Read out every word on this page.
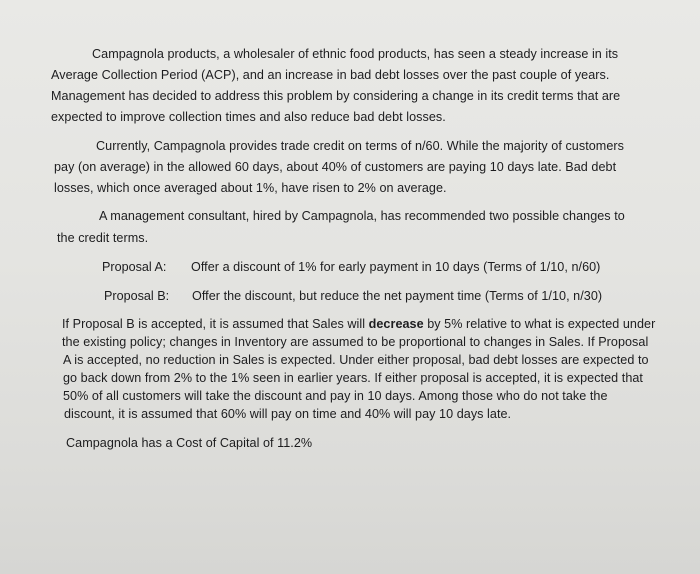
Campagnola products, a wholesaler of ethnic food products, has seen a steady increase in its
Average Collection Period (ACP), and an increase in bad debt losses over the past couple of years.
Management has decided to address this problem by considering a change in its credit terms that are
expected to improve collection times and also reduce bad debt losses.
Currently, Campagnola provides trade credit on terms of n/60. While the majority of customers
pay (on average) in the allowed 60 days, about 40% of customers are paying 10 days late. Bad debt
losses, which once averaged about 1%, have risen to 2% on average.
A management consultant, hired by Campagnola, has recommended two possible changes to
the credit terms.
Proposal A: Offer a discount of 1% for early payment in 10 days (Terms of 1/10, n/60)
Proposal B: Offer the discount, but reduce the net payment time (Terms of 1/10, n/30)
If Proposal B is accepted, it is assumed that Sales will decrease by 5% relative to what is expected under
the existing policy; changes in Inventory are assumed to be proportional to changes in Sales. If Proposal
A is accepted, no reduction in Sales is expected. Under either proposal, bad debt losses are expected to
go back down from 2% to the 1% seen in earlier years. If either proposal is accepted, it is expected that
50% of all customers will take the discount and pay in 10 days. Among those who do not take the
discount, it is assumed that 60% will pay on time and 40% will pay 10 days late.
Campagnola has a Cost of Capital of 11.2%
